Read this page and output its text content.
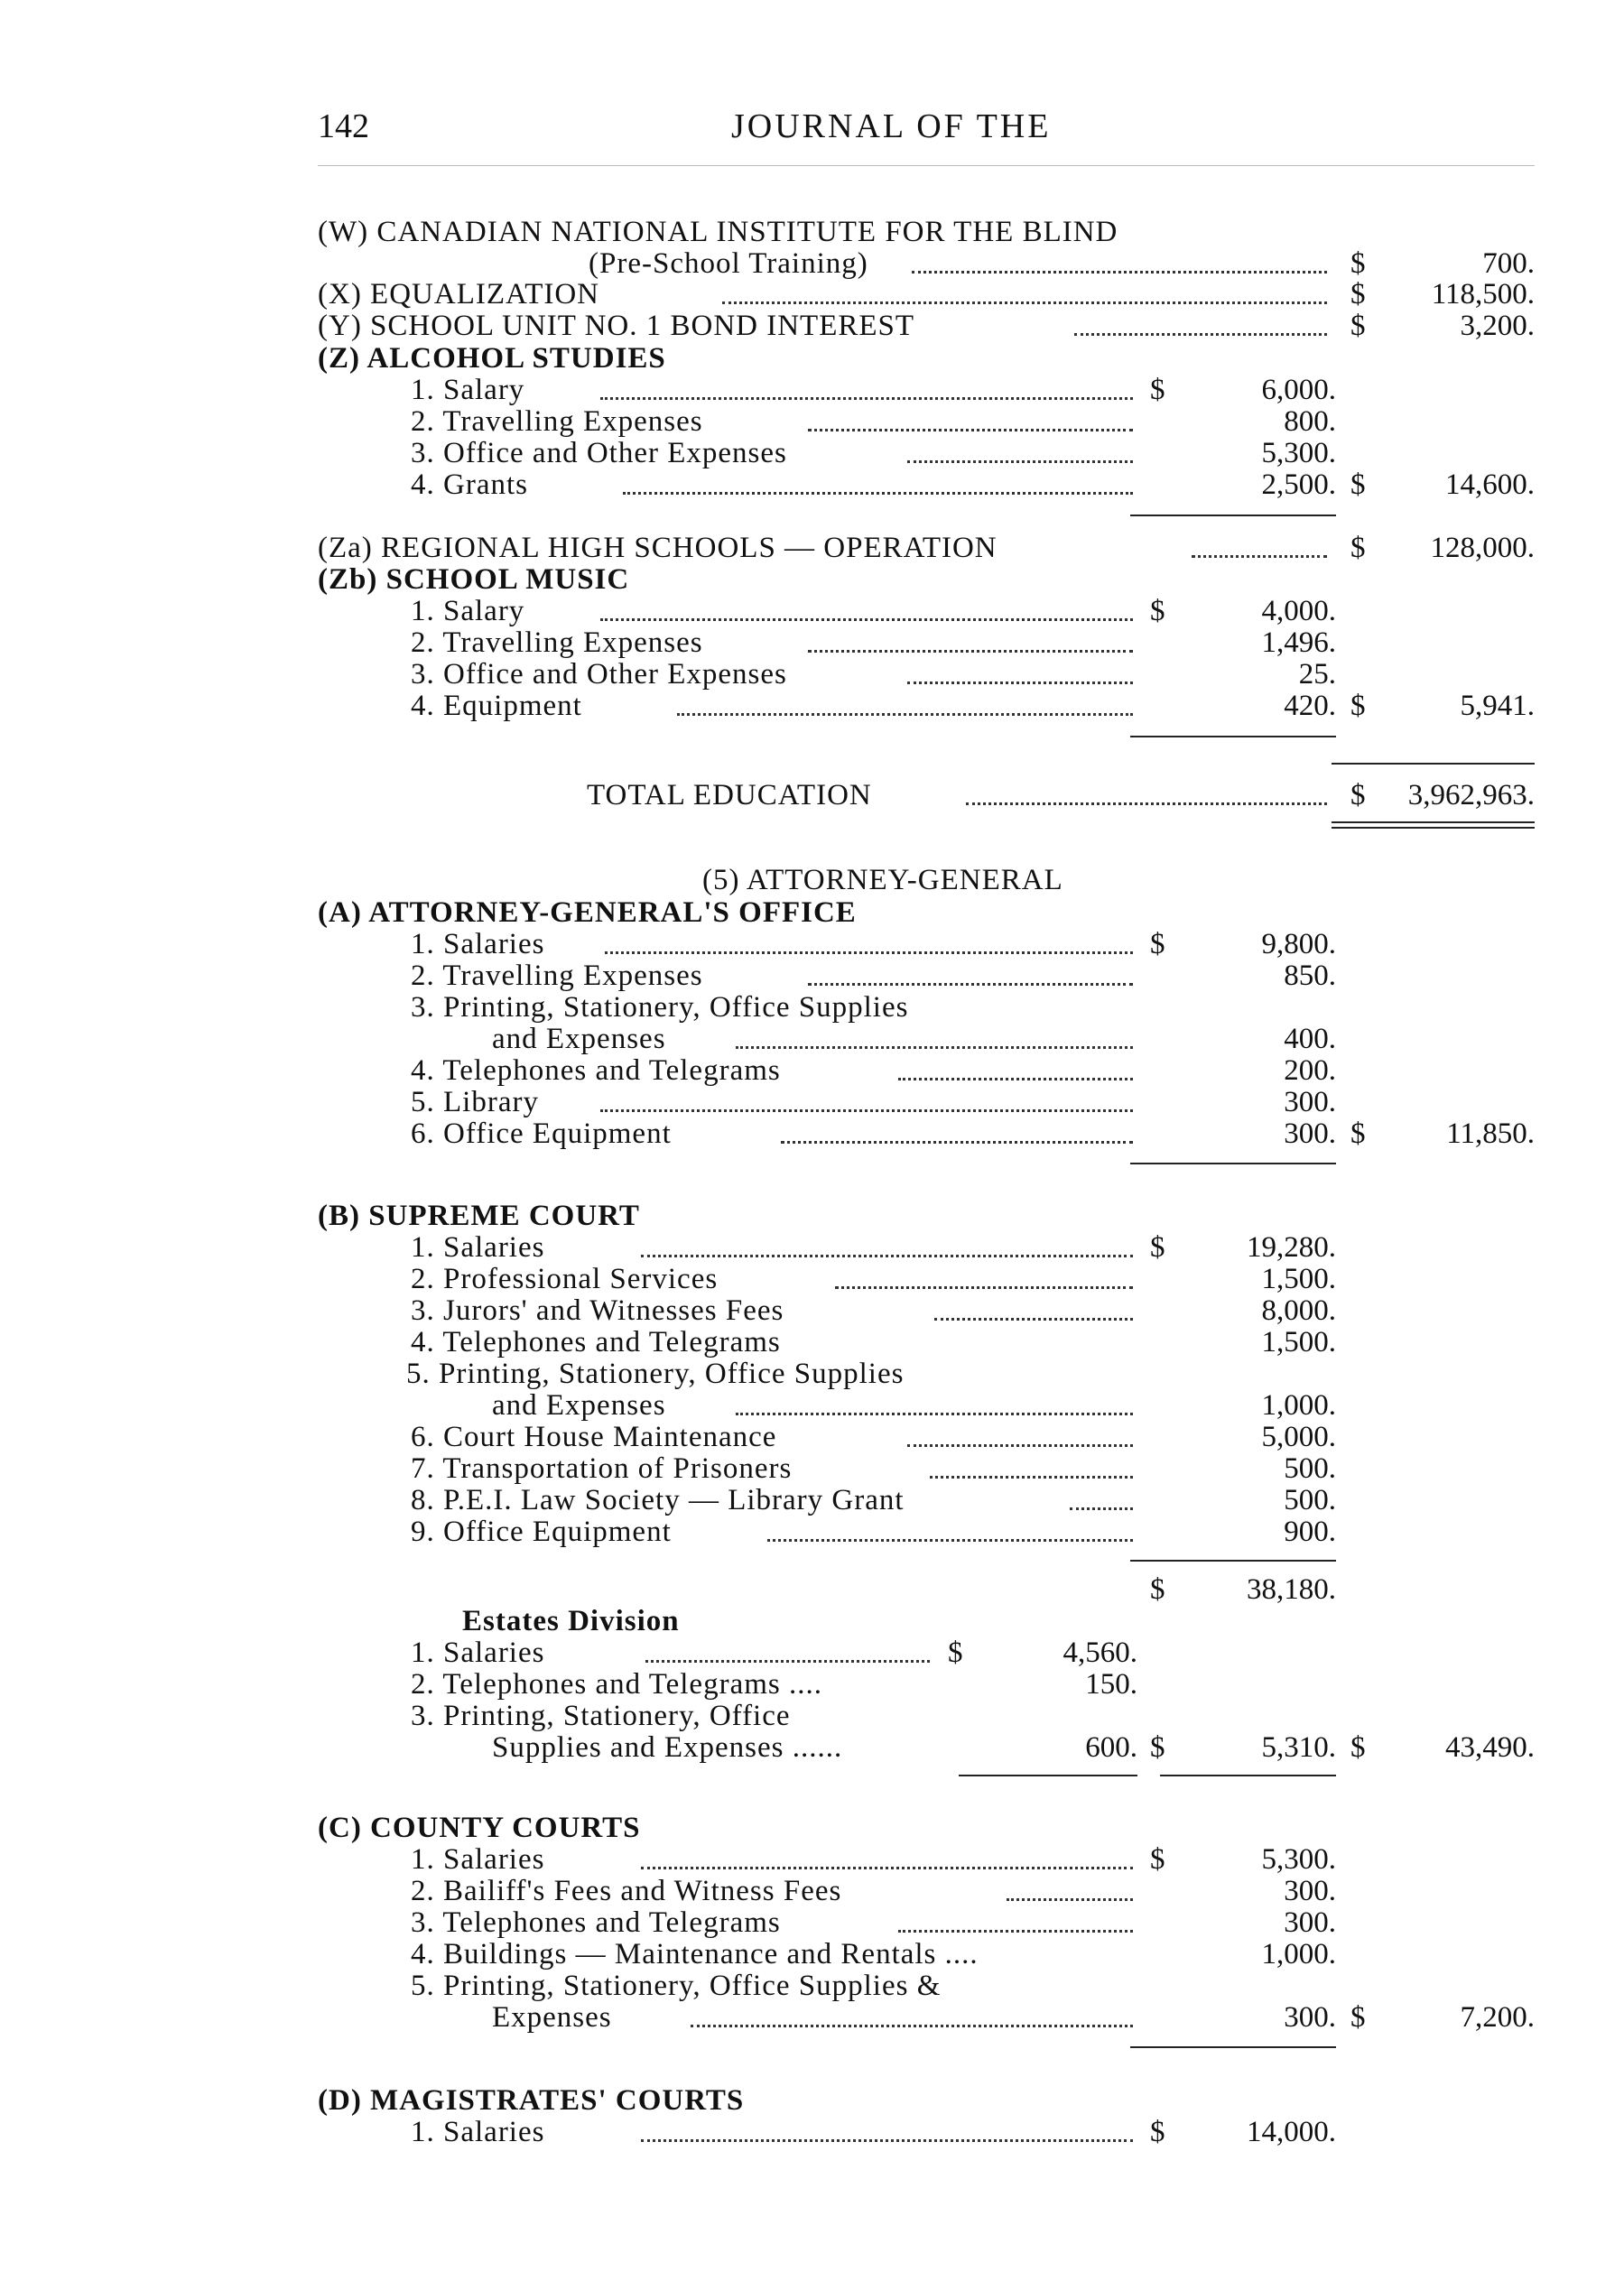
142	JOURNAL OF THE
(W) CANADIAN NATIONAL INSTITUTE FOR THE BLIND
(Pre-School Training)	$	700.
(X) EQUALIZATION	$	118,500.
(Y) SCHOOL UNIT NO. 1 BOND INTEREST	$	3,200.
(Z) ALCOHOL STUDIES
1. Salary	$	6,000.
2. Travelling Expenses	800.
3. Office and Other Expenses	5,300.
4. Grants	2,500. $	14,600.
(Za) REGIONAL HIGH SCHOOLS — OPERATION	$	128,000.
(Zb) SCHOOL MUSIC
1. Salary	$	4,000.
2. Travelling Expenses	1,496.
3. Office and Other Expenses	25.
4. Equipment	420. $	5,941.
TOTAL EDUCATION	$	3,962,963.
(5) ATTORNEY-GENERAL
(A) ATTORNEY-GENERAL'S OFFICE
1. Salaries	$	9,800.
2. Travelling Expenses	850.
3. Printing, Stationery, Office Supplies
and Expenses	400.
4. Telephones and Telegrams	200.
5. Library	300.
6. Office Equipment	300. $	11,850.
(B) SUPREME COURT
1. Salaries	$	19,280.
2. Professional Services	1,500.
3. Jurors' and Witnesses Fees	8,000.
4. Telephones and Telegrams	1,500.
5. Printing, Stationery, Office Supplies
and Expenses	1,000.
6. Court House Maintenance	5,000.
7. Transportation of Prisoners	500.
8. P.E.I. Law Society — Library Grant	500.
9. Office Equipment	900.
$	38,180.
Estates Division
1. Salaries	$	4,560.
2. Telephones and Telegrams ....	150.
3. Printing, Stationery, Office
Supplies and Expenses ......	600. $	5,310. $	43,490.
(C) COUNTY COURTS
1. Salaries	$	5,300.
2. Bailiff's Fees and Witness Fees	300.
3. Telephones and Telegrams	300.
4. Buildings — Maintenance and Rentals ....	1,000.
5. Printing, Stationery, Office Supplies &
Expenses	300. $	7,200.
(D) MAGISTRATES' COURTS
1. Salaries	$	14,000.
